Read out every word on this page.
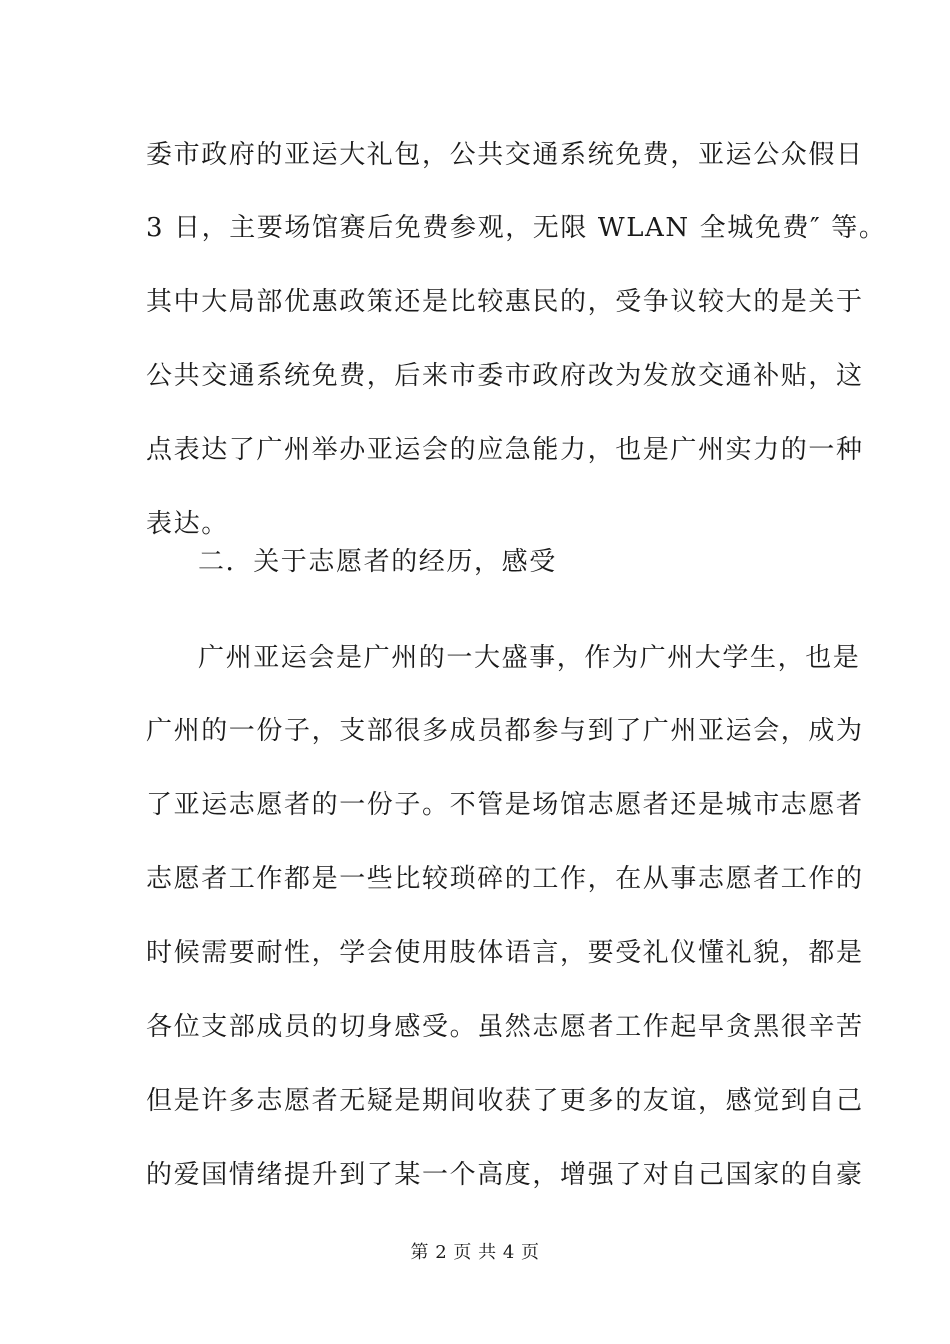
委市政府的亚运大礼包，公共交通系统免费，亚运公众假日
3 日，主要场馆赛后免费参观，无限 WLAN 全城免费″ 等。
其中大局部优惠政策还是比较惠民的，受争议较大的是关于
公共交通系统免费，后来市委市政府改为发放交通补贴，这
点表达了广州举办亚运会的应急能力，也是广州实力的一种
表达。
二．关于志愿者的经历，感受
广州亚运会是广州的一大盛事，作为广州大学生，也是
广州的一份子，支部很多成员都参与到了广州亚运会，成为
了亚运志愿者的一份子。不管是场馆志愿者还是城市志愿者
志愿者工作都是一些比较琐碎的工作，在从事志愿者工作的
时候需要耐性，学会使用肢体语言，要受礼仪懂礼貌，都是
各位支部成员的切身感受。虽然志愿者工作起早贪黑很辛苦
但是许多志愿者无疑是期间收获了更多的友谊，感觉到自己
的爱国情绪提升到了某一个高度，增强了对自己国家的自豪
第 2 页 共 4 页
